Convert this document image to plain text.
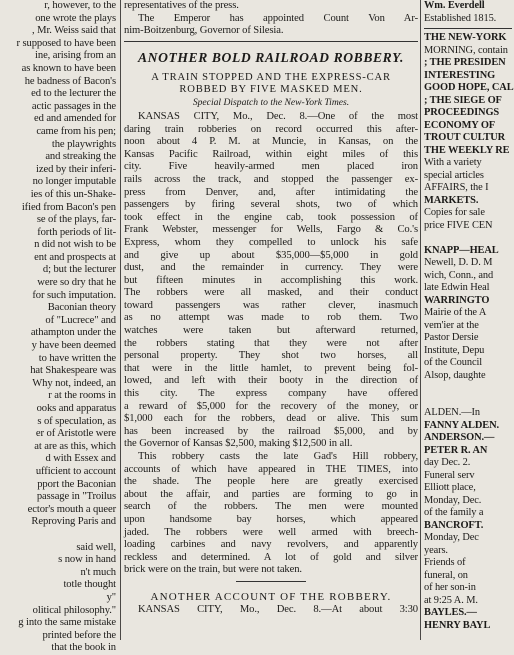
r, however, to the
one wrote the plays
, Mr. Weiss said that
r supposed to have been
ine, arising from an
as known to have been
he badness of Bacon's
ed to the lecturer the
actic passages in the
ed and amended for
came from his pen;
the playwrights
and streaking the
ized by their inferi-
no longer imputable
ies of this un-Shake-
ified from Bacon's pen
se of the plays, far-
forth periods of lit-
n did not wish to be
ent and prospects at
d; but the lecturer
were so dry that he
for such imputation.
Baconian theory
of "Lucrece" and
athampton under the
y have been deemed
to have written the
hat Shakespeare was
Why not, indeed, an
r at the rooms in
ooks and apparatus
s of speculation, as
er of Aristotle were
at are as this, which
d with Essex and
ufficient to account
pport the Baconian
passage in "Troilus
ector's mouth a queer
Reproving Paris and

said well,
s now in hand
n't much
totle thought
y"
olitical philosophy."
g into the same mistake
printed before the
that the book in
representatives of the press.
The Emperor has appointed Count Von Ar-
nim-Boitzenburg, Governor of Silesia.
ANOTHER BOLD RAILROAD ROBBERY.
A TRAIN STOPPED AND THE EXPRESS-CAR
ROBBED BY FIVE MASKED MEN.
Special Dispatch to the New-York Times.
KANSAS CITY, Mo., Dec. 8.—One of the most
daring train robberies on record occurred this after-
noon about 4 P. M. at Muncie, in Kansas, on the
Kansas Pacific Railroad, within eight miles of this
city. Five heavily-armed men placed iron
rails across the track, and stopped the passenger ex-
press from Denver, and, after intimidating the
passengers by firing several shots, two of which
took effect in the engine cab, took possession of
Frank Webster, messenger for Wells, Fargo & Co.'s
Express, whom they compelled to unlock his safe
and give up about $35,000—$5,000 in gold
dust, and the remainder in currency. They were
but fifteen minutes in accomplishing this work.
The robbers were all masked, and their conduct
toward passengers was rather clever, inasmuch
as no attempt was made to rob them. Two
watches were taken but afterward returned,
the robbers stating that they were not after
personal property. They shot two horses, all
that were in the little hamlet, to prevent being fol-
lowed, and left with their booty in the direction of
this city. The express company have offered
a reward of $5,000 for the recovery of the money, or
$1,000 each for the robbers, dead or alive. This sum
has been increased by the railroad $5,000, and by
the Governor of Kansas $2,500, making $12,500 in all.
This robbery casts the late Gad's Hill robbery,
accounts of which have appeared in THE TIMES, into
the shade. The people here are greatly exercised
about the affair, and parties are forming to go in
search of the robbers. The men were mounted
upon handsome bay horses, which appeared
jaded. The robbers were well armed with breech-
loading carbines and navy revolvers, and apparently
reckless and determined. A lot of gold and silver
brick were on the train, but were not taken.
ANOTHER ACCOUNT OF THE ROBBERY.
KANSAS CITY, Mo., Dec. 8.—At about 3:30
Wm. Everdell
Established 1815.
THE NEW-YORK
MORNING, contain
; THE PRESIDEN
INTERESTING
GOOD HOPE, CAL
; THE SIEGE OF
PROCEEDINGS
ECONOMY OF
TROUT CULTUR
THE WEEKLY RE
With a variety
special articles
AFFAIRS, the I
MARKETS.
Copies for sale
price FIVE CEN

KNAPP—HEAL
Newell, D. D. M
wich, Conn., and
late Edwin Heal
WARRINGTO
Mairie of the A
vem'ier at the
Pastor Dersie
Institute, Depu
of the Council
Alsop, daughte

ALDEN.—In
FANNY ALDEN.
ANDERSON.—
PETER R. AN
day Dec. 2.
Funeral serv
Elliott place,
Monday, Dec.
of the family a
BANCROFT.
Monday, Dec
years.
Friends of
funeral, on
of her son-in
at 9:25 A. M.
BAYLES.—
HENRY BAYL
